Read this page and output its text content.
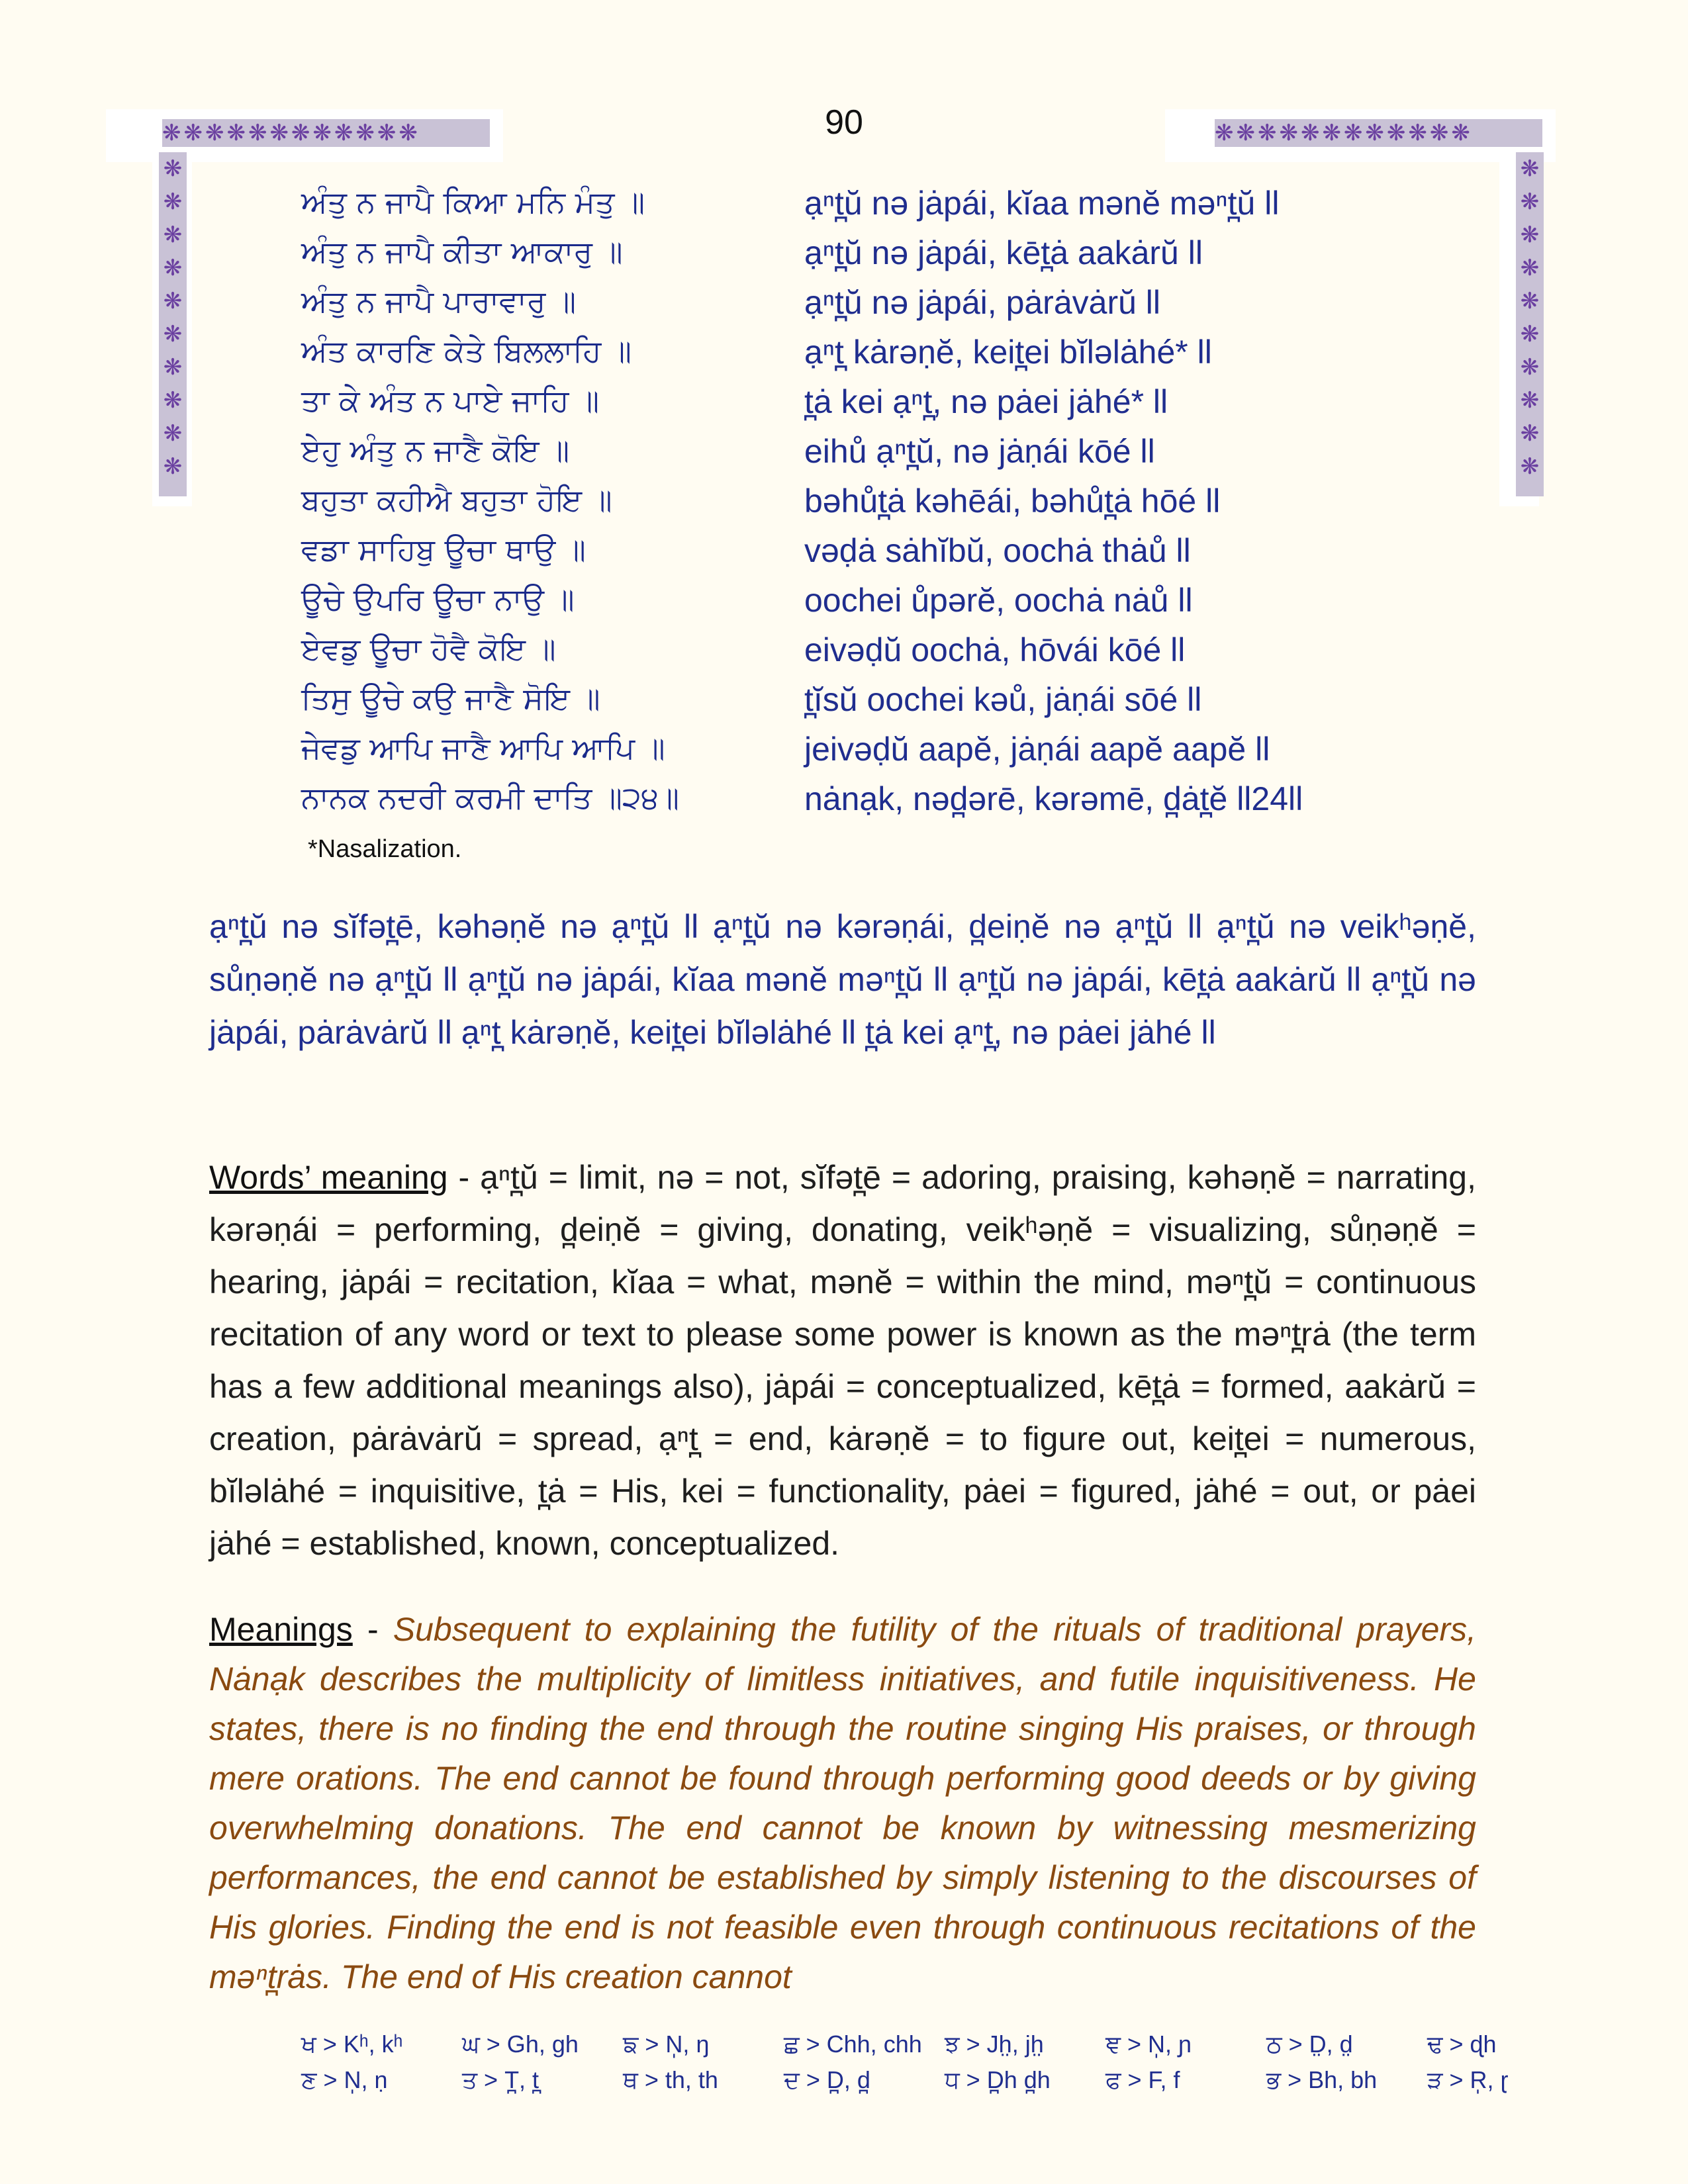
90
❋❋❋❋❋❋❋❋❋❋❋❋
❋
❋
❋
❋
❋
❋
❋
❋
❋
❋
❋❋❋❋❋❋❋❋❋❋❋❋
❋
❋
❋
❋
❋
❋
❋
❋
❋
❋
ਅੰਤੁ ਨ ਜਾਪੈ ਕਿਆ ਮਨਿ ਮੰਤੁ ॥	ạⁿt̪ŭ nə jȧpái, kĭaa mənĕ məⁿt̪ŭ ll
ਅੰਤੁ ਨ ਜਾਪੈ ਕੀਤਾ ਆਕਾਰੁ ॥	ạⁿt̪ŭ nə jȧpái, kēt̪ȧ aakȧrŭ ll
ਅੰਤੁ ਨ ਜਾਪੈ ਪਾਰਾਵਾਰੁ ॥	ạⁿt̪ŭ nə jȧpái, pȧrȧvȧrŭ ll
ਅੰਤ ਕਾਰਣਿ ਕੇਤੇ ਬਿਲਲਾਹਿ ॥	ạⁿt̪ kȧrəṇĕ, keit̪ei bĭləlȧhé* ll
ਤਾ ਕੇ ਅੰਤ ਨ ਪਾਏ ਜਾਹਿ ॥	t̪ȧ kei ạⁿt̪, nə pȧei jȧhé* ll
ਏਹੁ ਅੰਤੁ ਨ ਜਾਣੈ ਕੋਇ ॥	eihů ạⁿt̪ŭ, nə jȧṇái kōé ll
ਬਹੁਤਾ ਕਹੀਐ ਬਹੁਤਾ ਹੋਇ ॥	bəhůt̪ȧ kəhēái, bəhůt̪ȧ hōé ll
ਵਡਾ ਸਾਹਿਬੁ ਊਚਾ ਥਾਉ ॥	vəḍȧ sȧhĭbŭ, oochȧ thȧů ll
ਊਚੇ ਉਪਰਿ ਊਚਾ ਨਾਉ ॥	oochei ůpərĕ, oochȧ nȧů ll
ਏਵਡੁ ਊਚਾ ਹੋਵੈ ਕੋਇ ॥	eivəḍŭ oochȧ, hōvái kōé ll
ਤਿਸੁ ਊਚੇ ਕਉ ਜਾਣੈ ਸੋਇ ॥	t̪ĭsŭ oochei kəů, jȧṇái sōé ll
ਜੇਵਡੁ ਆਪਿ ਜਾਣੈ ਆਪਿ ਆਪਿ ॥	jeivəḍŭ aapĕ, jȧṇái aapĕ aapĕ ll
ਨਾਨਕ ਨਦਰੀ ਕਰਮੀ ਦਾਤਿ ॥੨੪॥	nȧnạk, nəd̪ərē, kərəmē, d̪ȧt̪ĕ ll24ll
*Nasalization.
ạⁿt̪ŭ nə sĭfət̪ē, kəhəṇĕ nə ạⁿt̪ŭ ll ạⁿt̪ŭ nə kərəṇái, d̪eiṇĕ nə ạⁿt̪ŭ ll ạⁿt̪ŭ nə veikʰəṇĕ, sůṇəṇĕ nə ạⁿt̪ŭ ll ạⁿt̪ŭ nə jȧpái, kĭaa mənĕ məⁿt̪ŭ ll ạⁿt̪ŭ nə jȧpái, kēt̪ȧ aakȧrŭ ll ạⁿt̪ŭ nə jȧpái, pȧrȧvȧrŭ ll ạⁿt̪ kȧrəṇĕ, keit̪ei bĭləlȧhé ll t̪ȧ kei ạⁿt̪, nə pȧei jȧhé ll
Words’ meaning - ạⁿt̪ŭ = limit, nə = not, sĭfət̪ē = adoring, praising, kəhəṇĕ = narrating, kərəṇái = performing, d̪eiṇĕ = giving, donating, veikʰəṇĕ = visualizing, sůṇəṇĕ = hearing, jȧpái = recitation, kĭaa = what, mənĕ = within the mind, məⁿt̪ŭ = continuous recitation of any word or text to please some power is known as the məⁿt̪rȧ (the term has a few additional meanings also), jȧpái = conceptualized, kēt̪ȧ = formed, aakȧrŭ = creation, pȧrȧvȧrŭ = spread, ạⁿt̪ = end, kȧrəṇĕ = to figure out, keit̪ei = numerous, bĭləlȧhé = inquisitive, t̪ȧ = His, kei = functionality, pȧei = figured, jȧhé = out, or pȧei jȧhé = established, known, conceptualized.
Meanings - Subsequent to explaining the futility of the rituals of traditional prayers, Nȧnạk describes the multiplicity of limitless initiatives, and futile inquisitiveness. He states, there is no finding the end through the routine singing His praises, or through mere orations. The end cannot be found through performing good deeds or by giving overwhelming donations. The end cannot be known by witnessing mesmerizing performances, the end cannot be established by simply listening to the discourses of His glories. Finding the end is not feasible even through continuous recitations of the məⁿt̪rȧs. The end of His creation cannot
ਖ > Kʰ, kʰ ਘ > Gh, gh ਙ > N̩, ŋ	ਛ > Chh, chh ਝ > Jh̤, jh̤	ਞ > N̩, ɲ	ਠ > D̤, d̤	ਢ > ɖh
ਣ > N̩, ṇ	ਤ > T̪, t̪	ਥ > th, th	ਦ > D̪, d̪	ਧ > D̪h d̪h ਫ > F, f	ਭ > Bh, bh ੜ > R̩, ɽ
